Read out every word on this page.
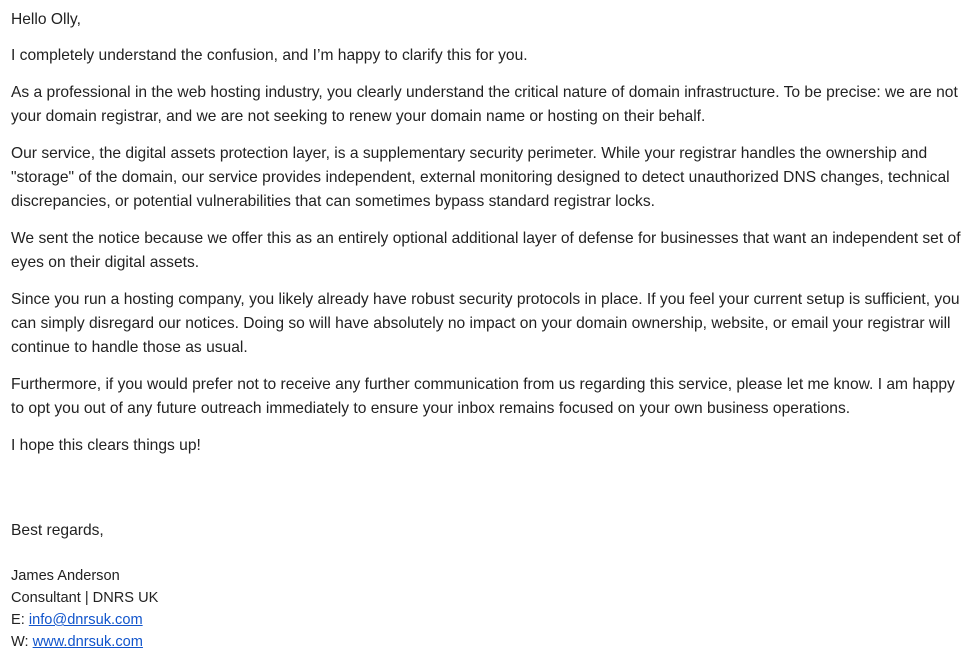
Hello Olly,

I completely understand the confusion, and I’m happy to clarify this for you.

As a professional in the web hosting industry, you clearly understand the critical nature of domain infrastructure. To be precise: we are not your domain registrar, and we are not seeking to renew your domain name or hosting on their behalf.

Our service, the digital assets protection layer, is a supplementary security perimeter. While your registrar handles the ownership and "storage" of the domain, our service provides independent, external monitoring designed to detect unauthorized DNS changes, technical discrepancies, or potential vulnerabilities that can sometimes bypass standard registrar locks.

We sent the notice because we offer this as an entirely optional additional layer of defense for businesses that want an independent set of eyes on their digital assets.

Since you run a hosting company, you likely already have robust security protocols in place. If you feel your current setup is sufficient, you can simply disregard our notices. Doing so will have absolutely no impact on your domain ownership, website, or email your registrar will continue to handle those as usual.

Furthermore, if you would prefer not to receive any further communication from us regarding this service, please let me know. I am happy to opt you out of any future outreach immediately to ensure your inbox remains focused on your own business operations.

I hope this clears things up!

Best regards,

James Anderson

Consultant | DNRS UK

E: info@dnrsuk.com

W: www.dnrsuk.com
